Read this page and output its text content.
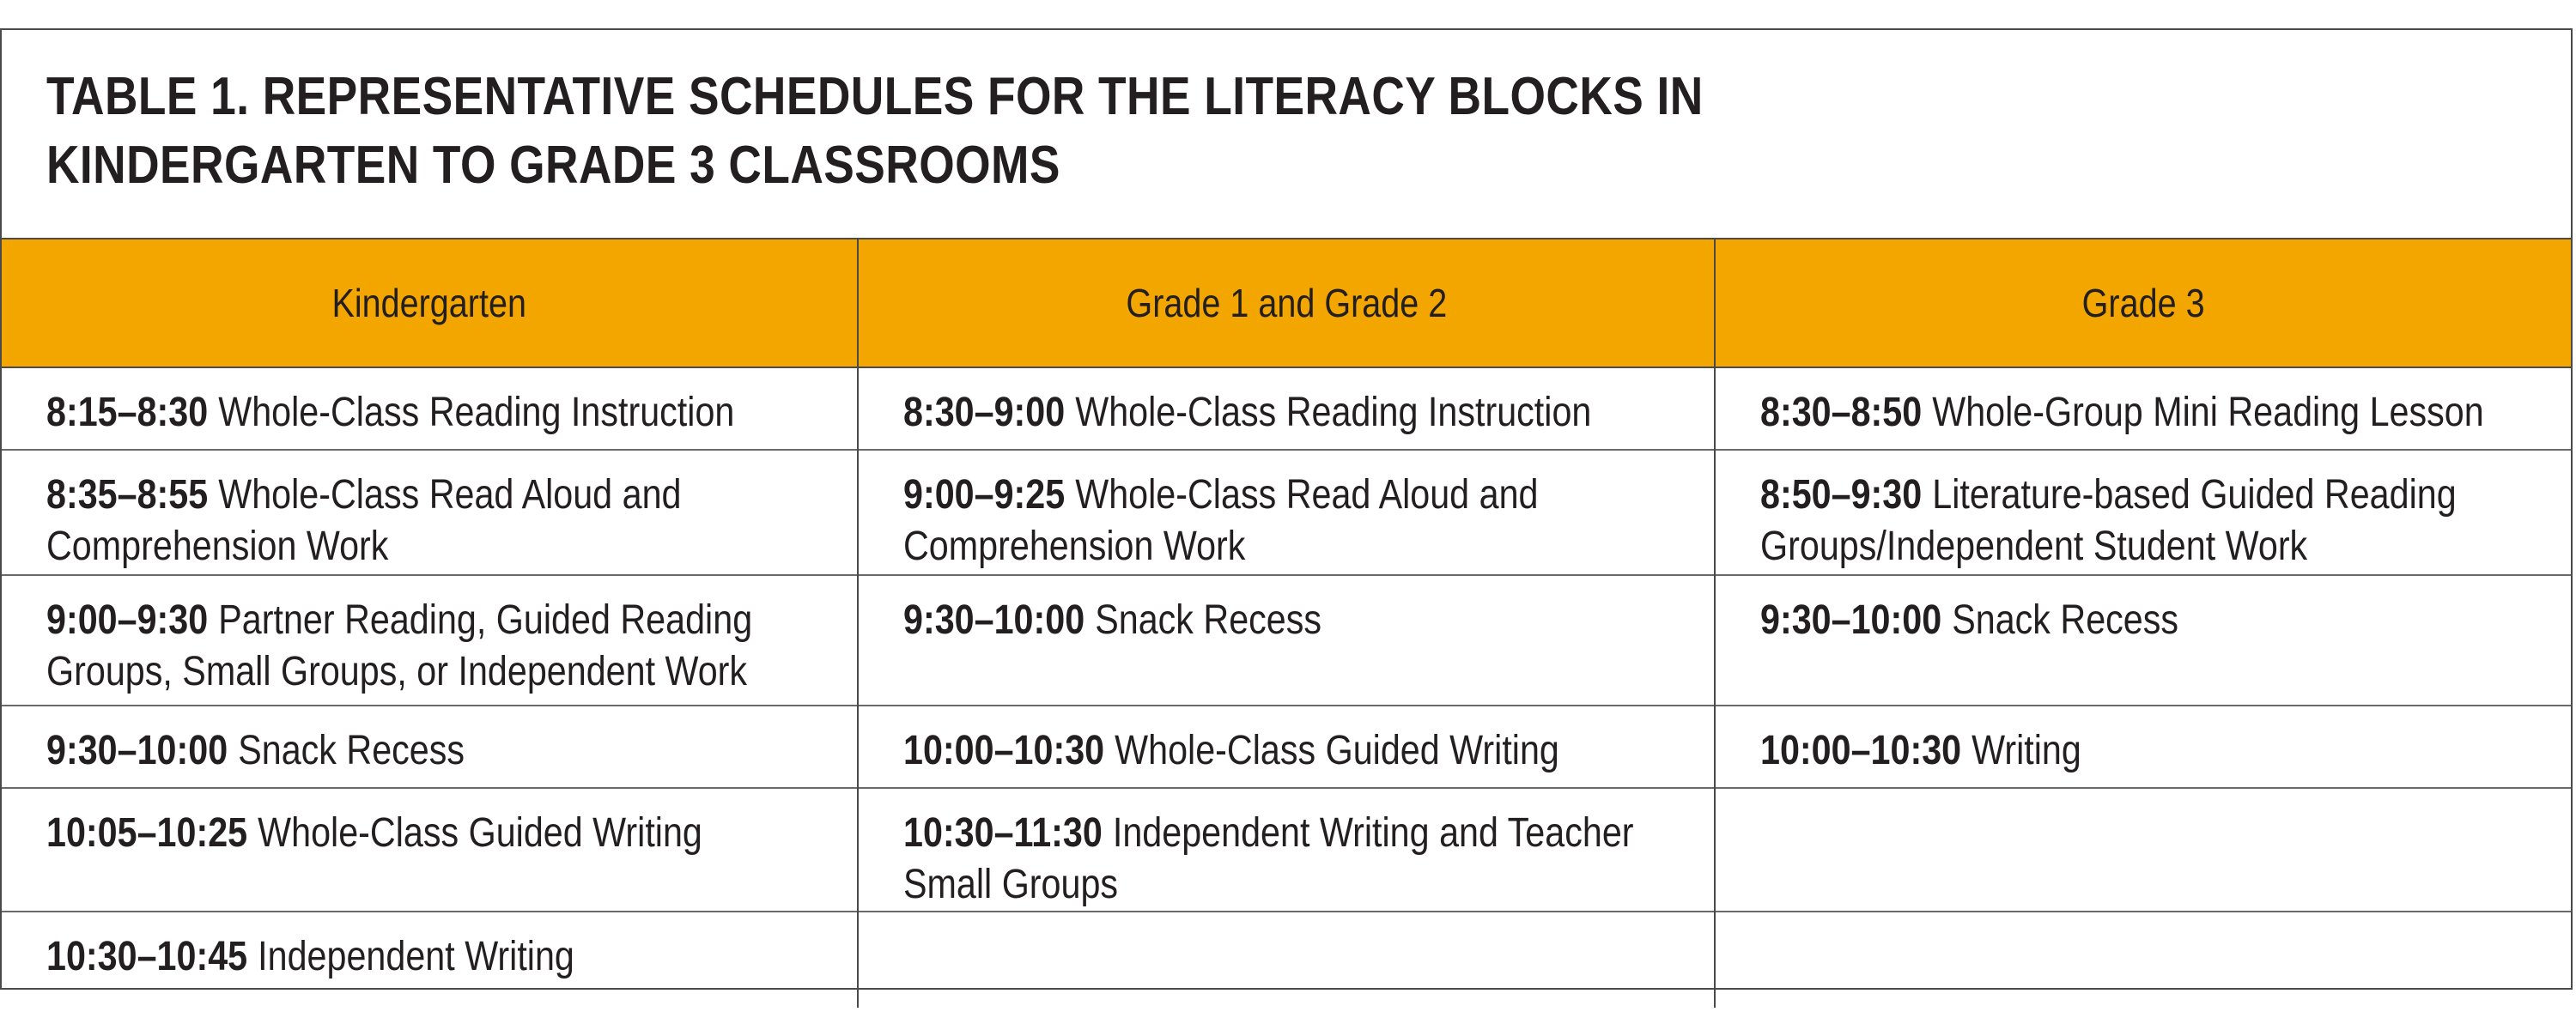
TABLE 1. REPRESENTATIVE SCHEDULES FOR THE LITERACY BLOCKS IN
KINDERGARTEN TO GRADE 3 CLASSROOMS
Kindergarten	Grade 1 and Grade 2	Grade 3

8:15–8:30 Whole-Class Reading Instruction	8:30–9:00 Whole-Class Reading Instruction	8:30–8:50 Whole-Group Mini Reading Lesson

8:35–8:55 Whole-Class Read Aloud and Comprehension Work	9:00–9:25 Whole-Class Read Aloud and Comprehension Work	8:50–9:30 Literature-based Guided Reading Groups/Independent Student Work

9:00–9:30 Partner Reading, Guided Reading Groups, Small Groups, or Independent Work	9:30–10:00 Snack Recess	9:30–10:00 Snack Recess

9:30–10:00 Snack Recess	10:00–10:30 Whole-Class Guided Writing	10:00–10:30 Writing

10:05–10:25 Whole-Class Guided Writing	10:30–11:30 Independent Writing and Teacher Small Groups	

10:30–10:45 Independent Writing		
